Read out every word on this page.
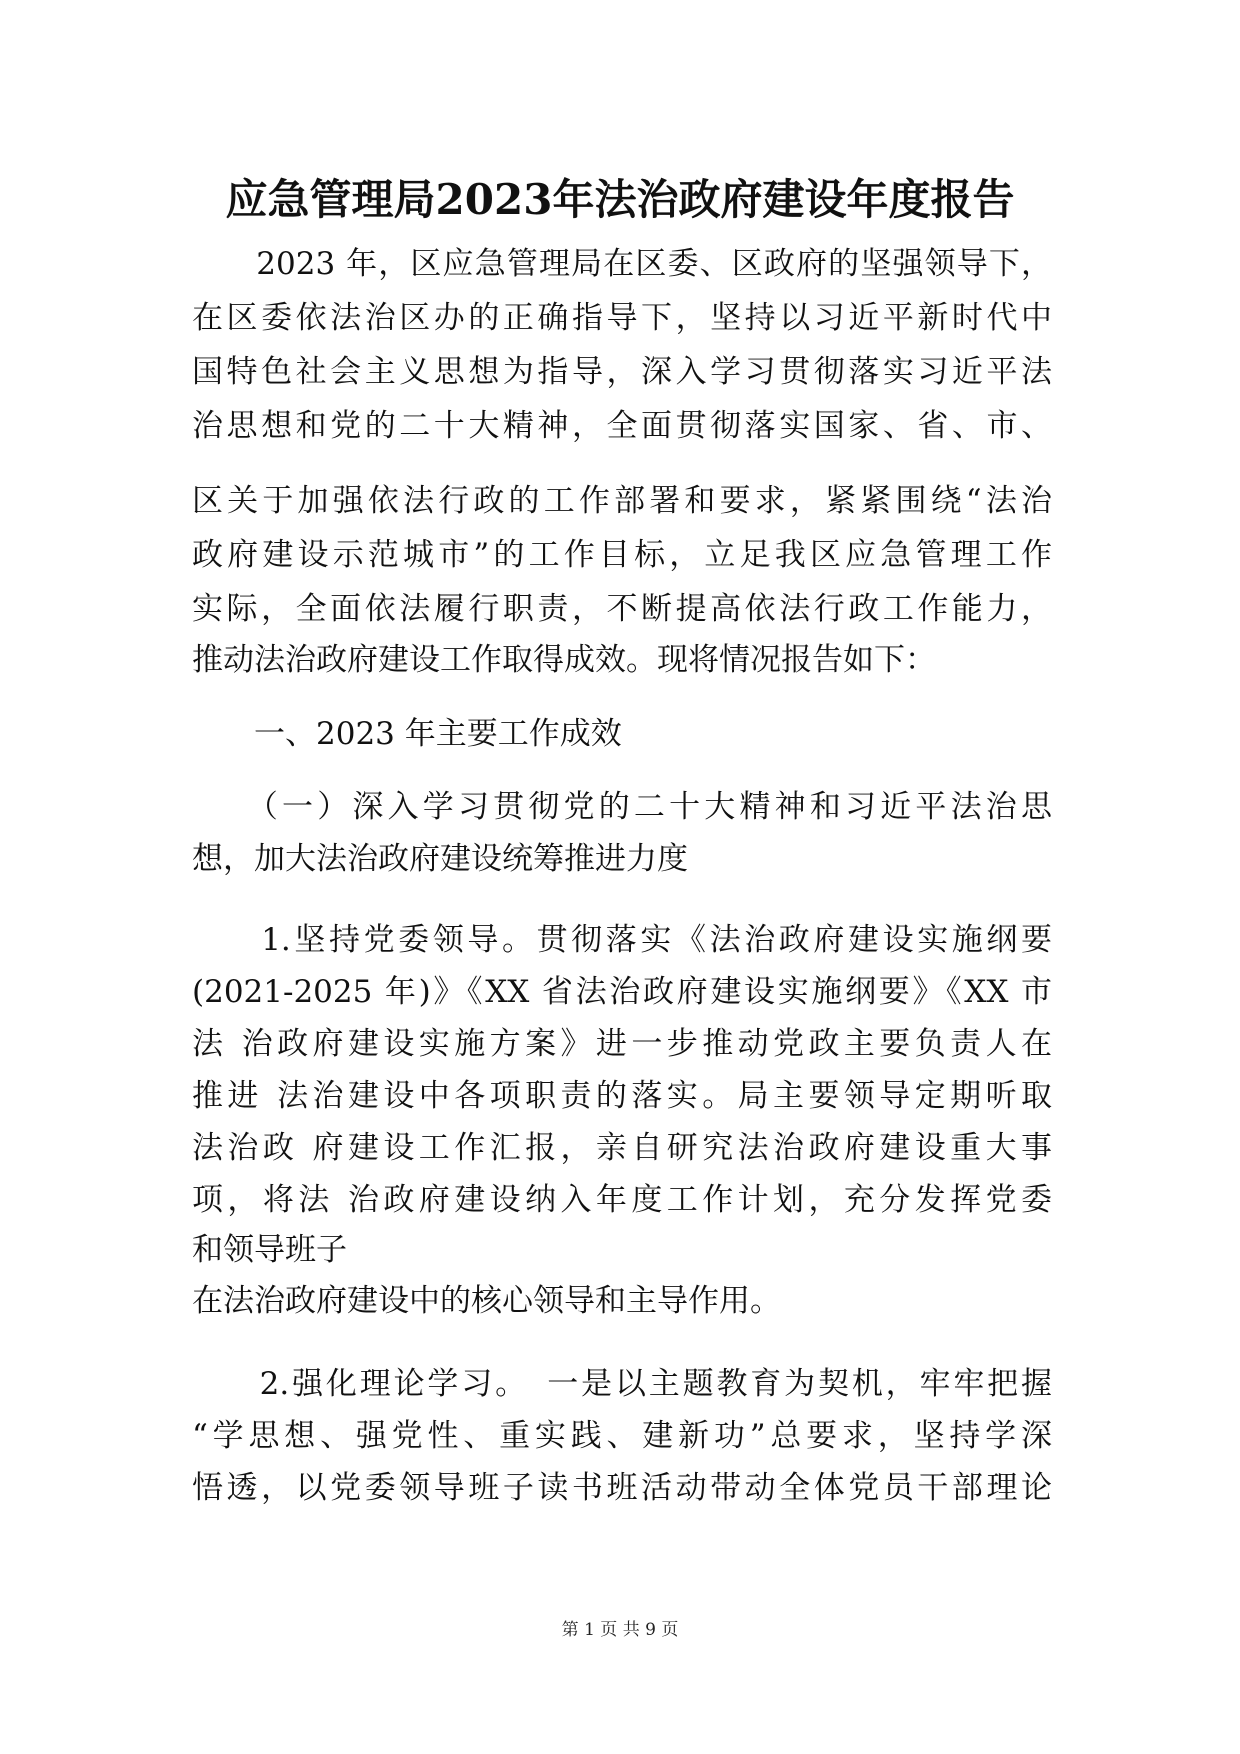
应急管理局2023年法治政府建设年度报告

　　2023 年，区应急管理局在区委、区政府的坚强领导下，

在区委依法治区办的正确指导下，坚持以习近平新时代中

国特色社会主义思想为指导，深入学习贯彻落实习近平法

治思想和党的二十大精神，全面贯彻落实国家、省、市、

区关于加强依法行政的工作部署和要求，紧紧围绕“法治

政府建设示范城市”的工作目标，立足我区应急管理工作

实际，全面依法履行职责，不断提高依法行政工作能力，

推动法治政府建设工作取得成效。现将情况报告如下：

　　一、2023 年主要工作成效

　　（一）深入学习贯彻党的二十大精神和习近平法治思

想，加大法治政府建设统筹推进力度

　　1.坚持党委领导。贯彻落实《法治政府建设实施纲要

(2021-2025 年)》《XX 省法治政府建设实施纲要》《XX 市

法 治政府建设实施方案》进一步推动党政主要负责人在

推进 法治建设中各项职责的落实。局主要领导定期听取

法治政 府建设工作汇报，亲自研究法治政府建设重大事

项，将法 治政府建设纳入年度工作计划，充分发挥党委

和领导班子

在法治政府建设中的核心领导和主导作用。

　　2.强化理论学习。　一是以主题教育为契机，牢牢把握

“学思想、强党性、重实践、建新功”总要求，坚持学深

悟透，以党委领导班子读书班活动带动全体党员干部理论

第 1 页 共 9 页
